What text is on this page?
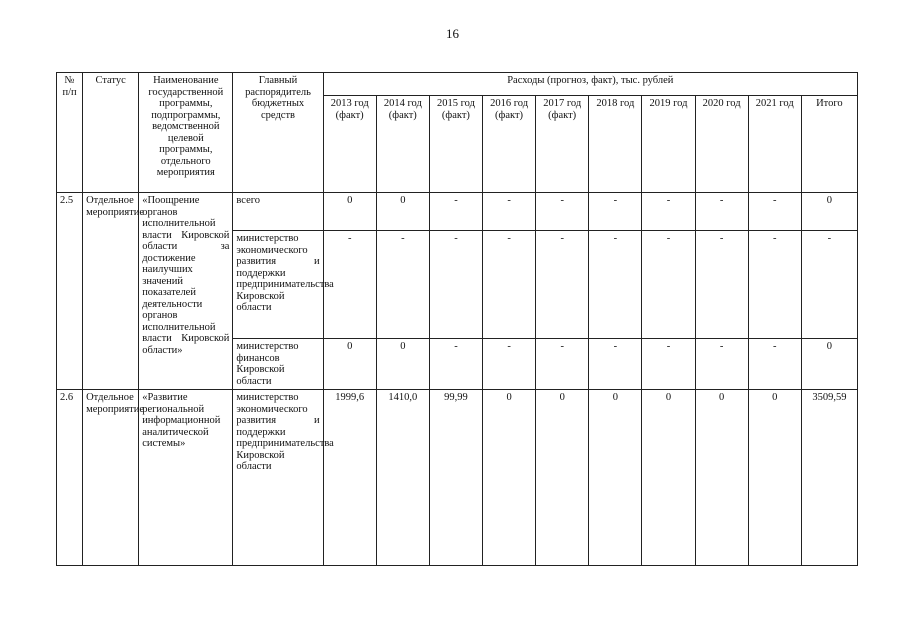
16
№ п/п	Статус	Наименование государственной программы, подпрограммы, ведомственной целевой программы, отдельного мероприятия	Главный распорядитель бюджетных средств	Расходы (прогноз, факт), тыс. рублей									
				2013 год (факт)	2014 год (факт)	2015 год (факт)	2016 год (факт)	2017 год (факт)	2018 год	2019 год	2020 год	2021 год	Итого
2.5	Отдельное мероприятие	«Поощрение органов исполнительной власти Кировской области за достижение наилучших значений показателей деятельности органов исполнительной власти Кировской области»	всего	0	0	-	-	-	-	-	-	-	0
			министерство экономического развития и поддержки предпринимательства Кировской области	-	-	-	-	-	-	-	-	-	-
			министерство финансов Кировской области	0	0	-	-	-	-	-	-	-	0
2.6	Отдельное мероприятие	«Развитие региональной информационной аналитической системы»	министерство экономического развития и поддержки предпринимательства Кировской области	1999,6	1410,0	99,99	0	0	0	0	0	0	3509,59
